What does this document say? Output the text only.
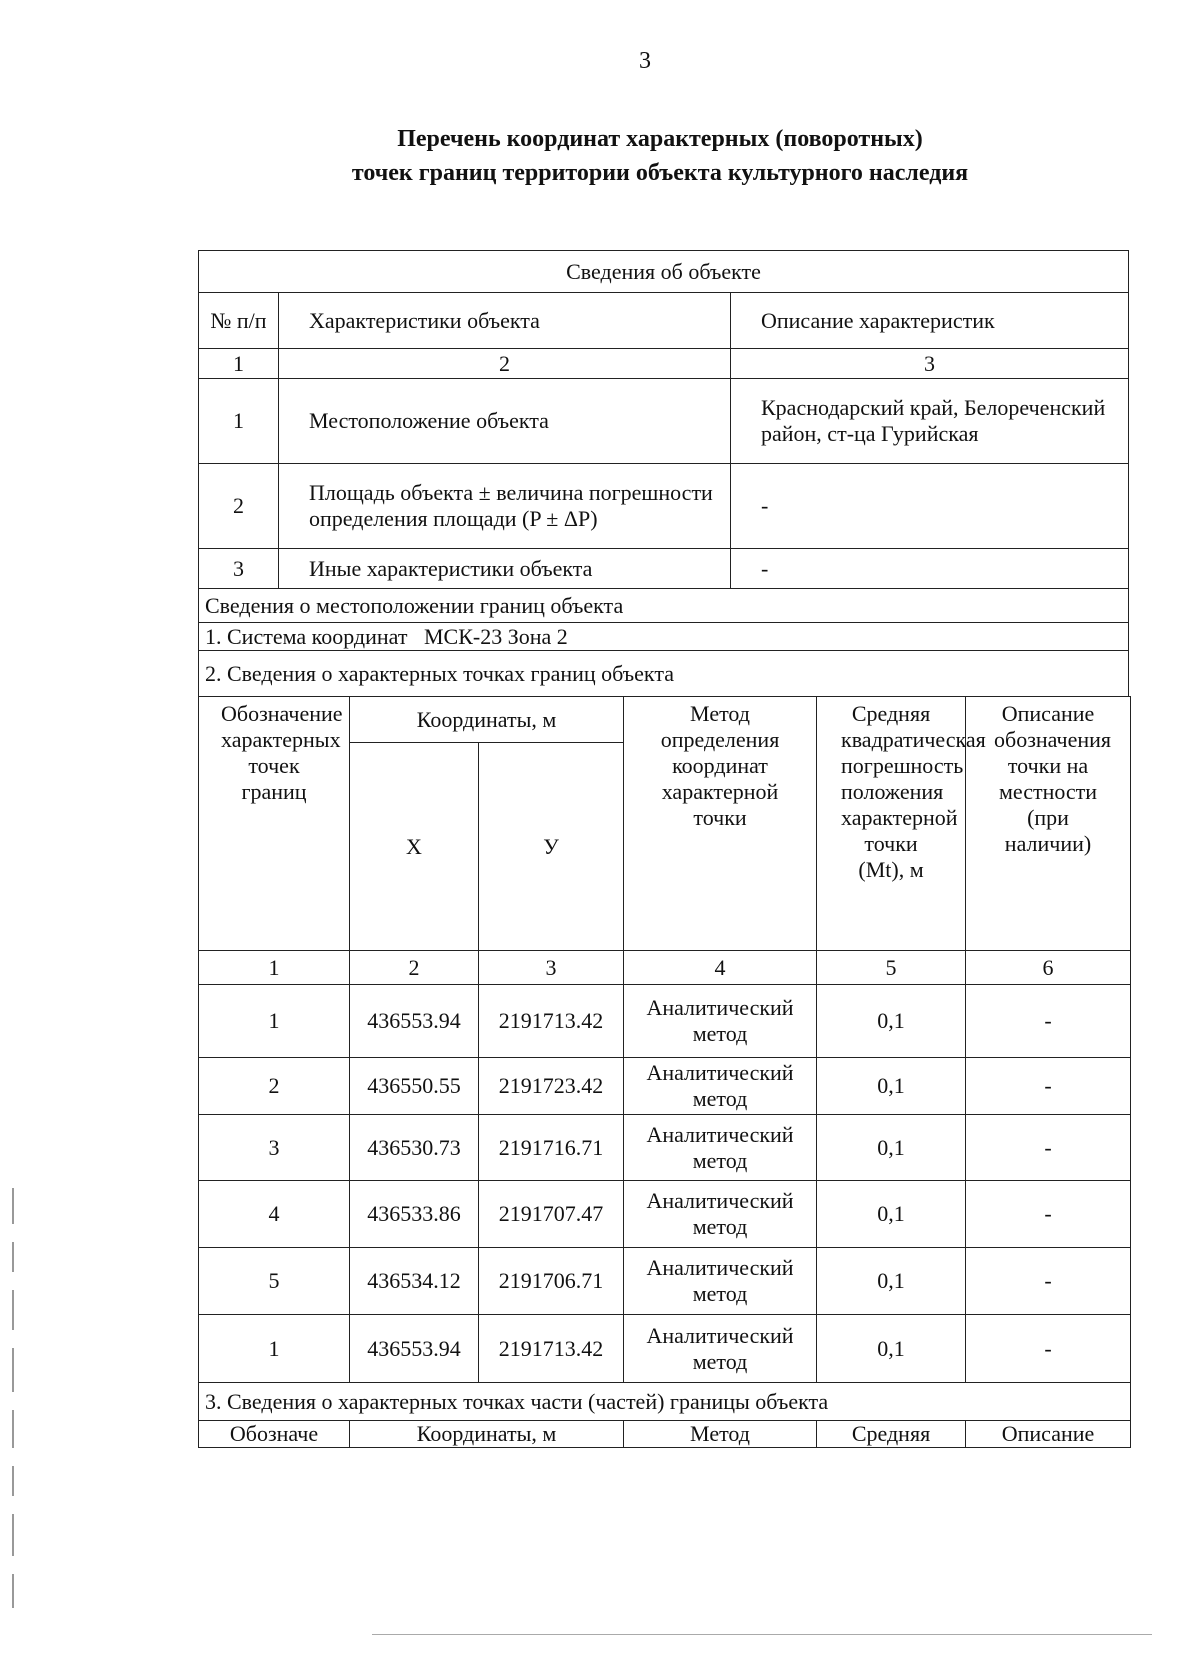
3
Перечень координат характерных (поворотных)
точек границ территории объекта культурного наследия
Сведения об объекте		
№ п/п	Характеристики объекта	Описание характеристик
1	2	3
1	Местоположение объекта	Краснодарский край, Белореченский район, ст-ца Гурийская
2	Площадь объекта ± величина погрешности определения площади (P ± ΔP)	-
3	Иные характеристики объекта	-
Сведения о местоположении границ объекта		
1. Система координат   МСК-23 Зона 2		
2. Сведения о характерных точках границ объекта		
Обозначение характерных точек границ	Координаты, м		Метод определения координат характерной точки	Средняя квадратическая погрешность положения характерной точки (Mt), м	Описание обозначения точки на местности (при наличии)
	Х	У			
1	2	3	4	5	6
1	436553.94	2191713.42	Аналитический метод	0,1	-
2	436550.55	2191723.42	Аналитический метод	0,1	-
3	436530.73	2191716.71	Аналитический метод	0,1	-
4	436533.86	2191707.47	Аналитический метод	0,1	-
5	436534.12	2191706.71	Аналитический метод	0,1	-
1	436553.94	2191713.42	Аналитический метод	0,1	-
3. Сведения о характерных точках части (частей) границы объекта					
Обозначе	Координаты, м		Метод	Средняя	Описание
